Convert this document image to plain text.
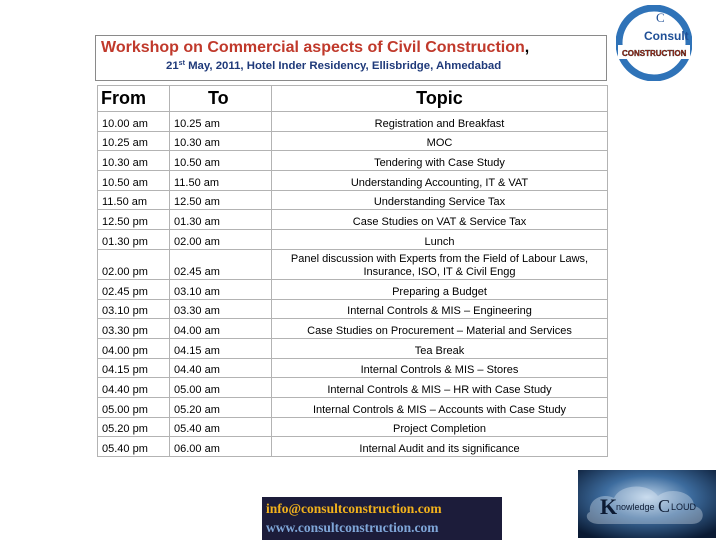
Workshop on Commercial aspects of Civil Construction,
21st May, 2011, Hotel Inder Residency, Ellisbridge, Ahmedabad
C
Consult
CONSTRUCTION
From	To	Topic
10.00 am	10.25 am	Registration and Breakfast
10.25 am	10.30 am	MOC
10.30 am	10.50 am	Tendering with Case Study
10.50 am	11.50 am	Understanding Accounting, IT & VAT
11.50 am	12.50 am	Understanding Service Tax
12.50 pm	01.30 am	Case Studies on VAT & Service Tax
01.30 pm	02.00 am	Lunch
02.00 pm	02.45 am	Panel discussion with Experts from the Field of Labour Laws, Insurance, ISO, IT & Civil Engg
02.45 pm	03.10 am	Preparing a Budget
03.10 pm	03.30 am	Internal Controls & MIS – Engineering
03.30 pm	04.00 am	Case Studies on Procurement – Material and Services
04.00 pm	04.15 am	Tea Break
04.15 pm	04.40 am	Internal Controls & MIS – Stores
04.40 pm	05.00 am	Internal Controls & MIS – HR with Case Study
05.00 pm	05.20 am	Internal Controls & MIS – Accounts with Case Study
05.20 pm	05.40 am	Project Completion
05.40 pm	06.00 am	Internal Audit and its significance
info@consultconstruction.com
www.consultconstruction.com
K
nowledge C LOUD
